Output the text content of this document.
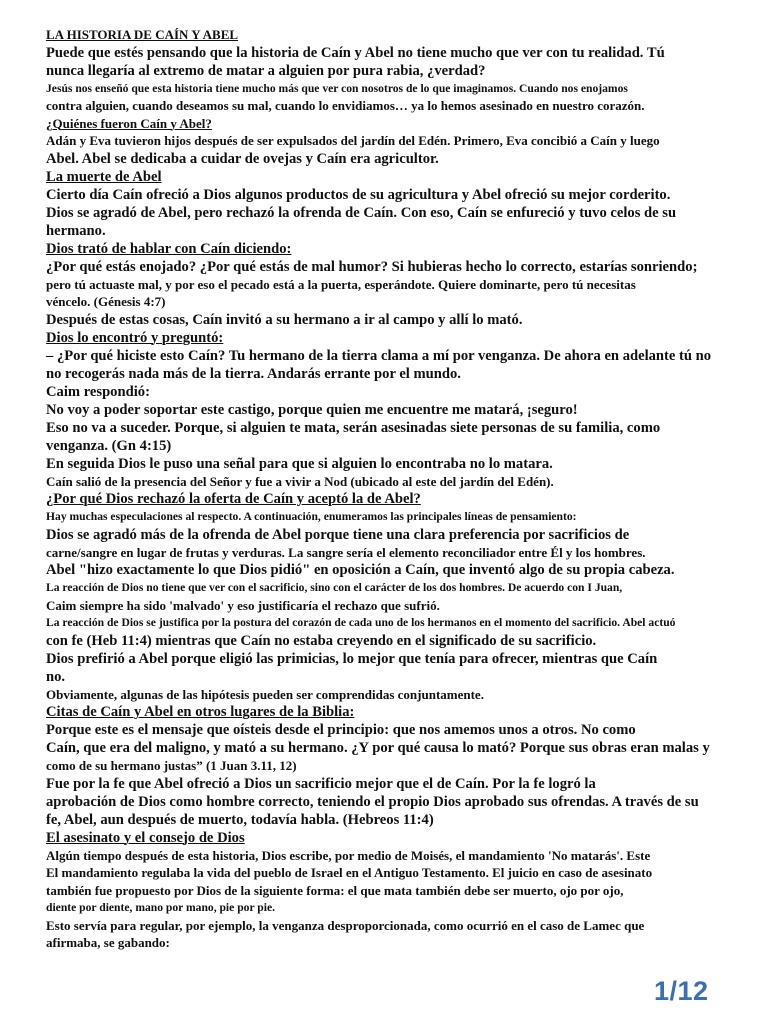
LA HISTORIA DE CAÍN Y ABEL

Puede que estés pensando que la historia de Caín y Abel no tiene mucho que ver con tu realidad. Tú

nunca llegaría al extremo de matar a alguien por pura rabia, ¿verdad?

Jesús nos enseñó que esta historia tiene mucho más que ver con nosotros de lo que imaginamos. Cuando nos enojamos

contra alguien, cuando deseamos su mal, cuando lo envidiamos… ya lo hemos asesinado en nuestro corazón.

¿Quiénes fueron Caín y Abel?

Adán y Eva tuvieron hijos después de ser expulsados del jardín del Edén. Primero, Eva concibió a Caín y luego

Abel. Abel se dedicaba a cuidar de ovejas y Caín era agricultor.

La muerte de Abel

Cierto día Caín ofreció a Dios algunos productos de su agricultura y Abel ofreció su mejor corderito.

Dios se agradó de Abel, pero rechazó la ofrenda de Caín. Con eso, Caín se enfureció y tuvo celos de su

hermano.

Dios trató de hablar con Caín diciendo:

¿Por qué estás enojado? ¿Por qué estás de mal humor? Si hubieras hecho lo correcto, estarías sonriendo;

pero tú actuaste mal, y por eso el pecado está a la puerta, esperándote. Quiere dominarte, pero tú necesitas

véncelo. (Génesis 4:7)

Después de estas cosas, Caín invitó a su hermano a ir al campo y allí lo mató.

Dios lo encontró y preguntó:

– ¿Por qué hiciste esto Caín? Tu hermano de la tierra clama a mí por venganza. De ahora en adelante tú no

no recogerás nada más de la tierra. Andarás errante por el mundo.

Caim respondió:

No voy a poder soportar este castigo, porque quien me encuentre me matará, ¡seguro!

Eso no va a suceder. Porque, si alguien te mata, serán asesinadas siete personas de su familia, como

venganza. (Gn 4:15)

En seguida Dios le puso una señal para que si alguien lo encontraba no lo matara.

Caín salió de la presencia del Señor y fue a vivir a Nod (ubicado al este del jardín del Edén).

¿Por qué Dios rechazó la oferta de Caín y aceptó la de Abel?

Hay muchas especulaciones al respecto. A continuación, enumeramos las principales líneas de pensamiento:

Dios se agradó más de la ofrenda de Abel porque tiene una clara preferencia por sacrificios de

carne/sangre en lugar de frutas y verduras. La sangre sería el elemento reconciliador entre Él y los hombres.

Abel "hizo exactamente lo que Dios pidió" en oposición a Caín, que inventó algo de su propia cabeza.

La reacción de Dios no tiene que ver con el sacrificio, sino con el carácter de los dos hombres. De acuerdo con I Juan,

Caim siempre ha sido 'malvado' y eso justificaría el rechazo que sufrió.

La reacción de Dios se justifica por la postura del corazón de cada uno de los hermanos en el momento del sacrificio. Abel actuó

con fe (Heb 11:4) mientras que Caín no estaba creyendo en el significado de su sacrificio.

Dios prefirió a Abel porque eligió las primicias, lo mejor que tenía para ofrecer, mientras que Caín

no.

Obviamente, algunas de las hipótesis pueden ser comprendidas conjuntamente.

Citas de Caín y Abel en otros lugares de la Biblia:

Porque este es el mensaje que oísteis desde el principio: que nos amemos unos a otros. No como

Caín, que era del maligno, y mató a su hermano. ¿Y por qué causa lo mató? Porque sus obras eran malas y

como de su hermano justas” (1 Juan 3.11, 12)

Fue por la fe que Abel ofreció a Dios un sacrificio mejor que el de Caín. Por la fe logró la

aprobación de Dios como hombre correcto, teniendo el propio Dios aprobado sus ofrendas. A través de su

fe, Abel, aun después de muerto, todavía habla. (Hebreos 11:4)

El asesinato y el consejo de Dios

Algún tiempo después de esta historia, Dios escribe, por medio de Moisés, el mandamiento 'No matarás'. Este

El mandamiento regulaba la vida del pueblo de Israel en el Antiguo Testamento. El juicio en caso de asesinato

también fue propuesto por Dios de la siguiente forma: el que mata también debe ser muerto, ojo por ojo,

diente por diente, mano por mano, pie por pie.

Esto servía para regular, por ejemplo, la venganza desproporcionada, como ocurrió en el caso de Lamec que

afirmaba, se gabando:

1/12
